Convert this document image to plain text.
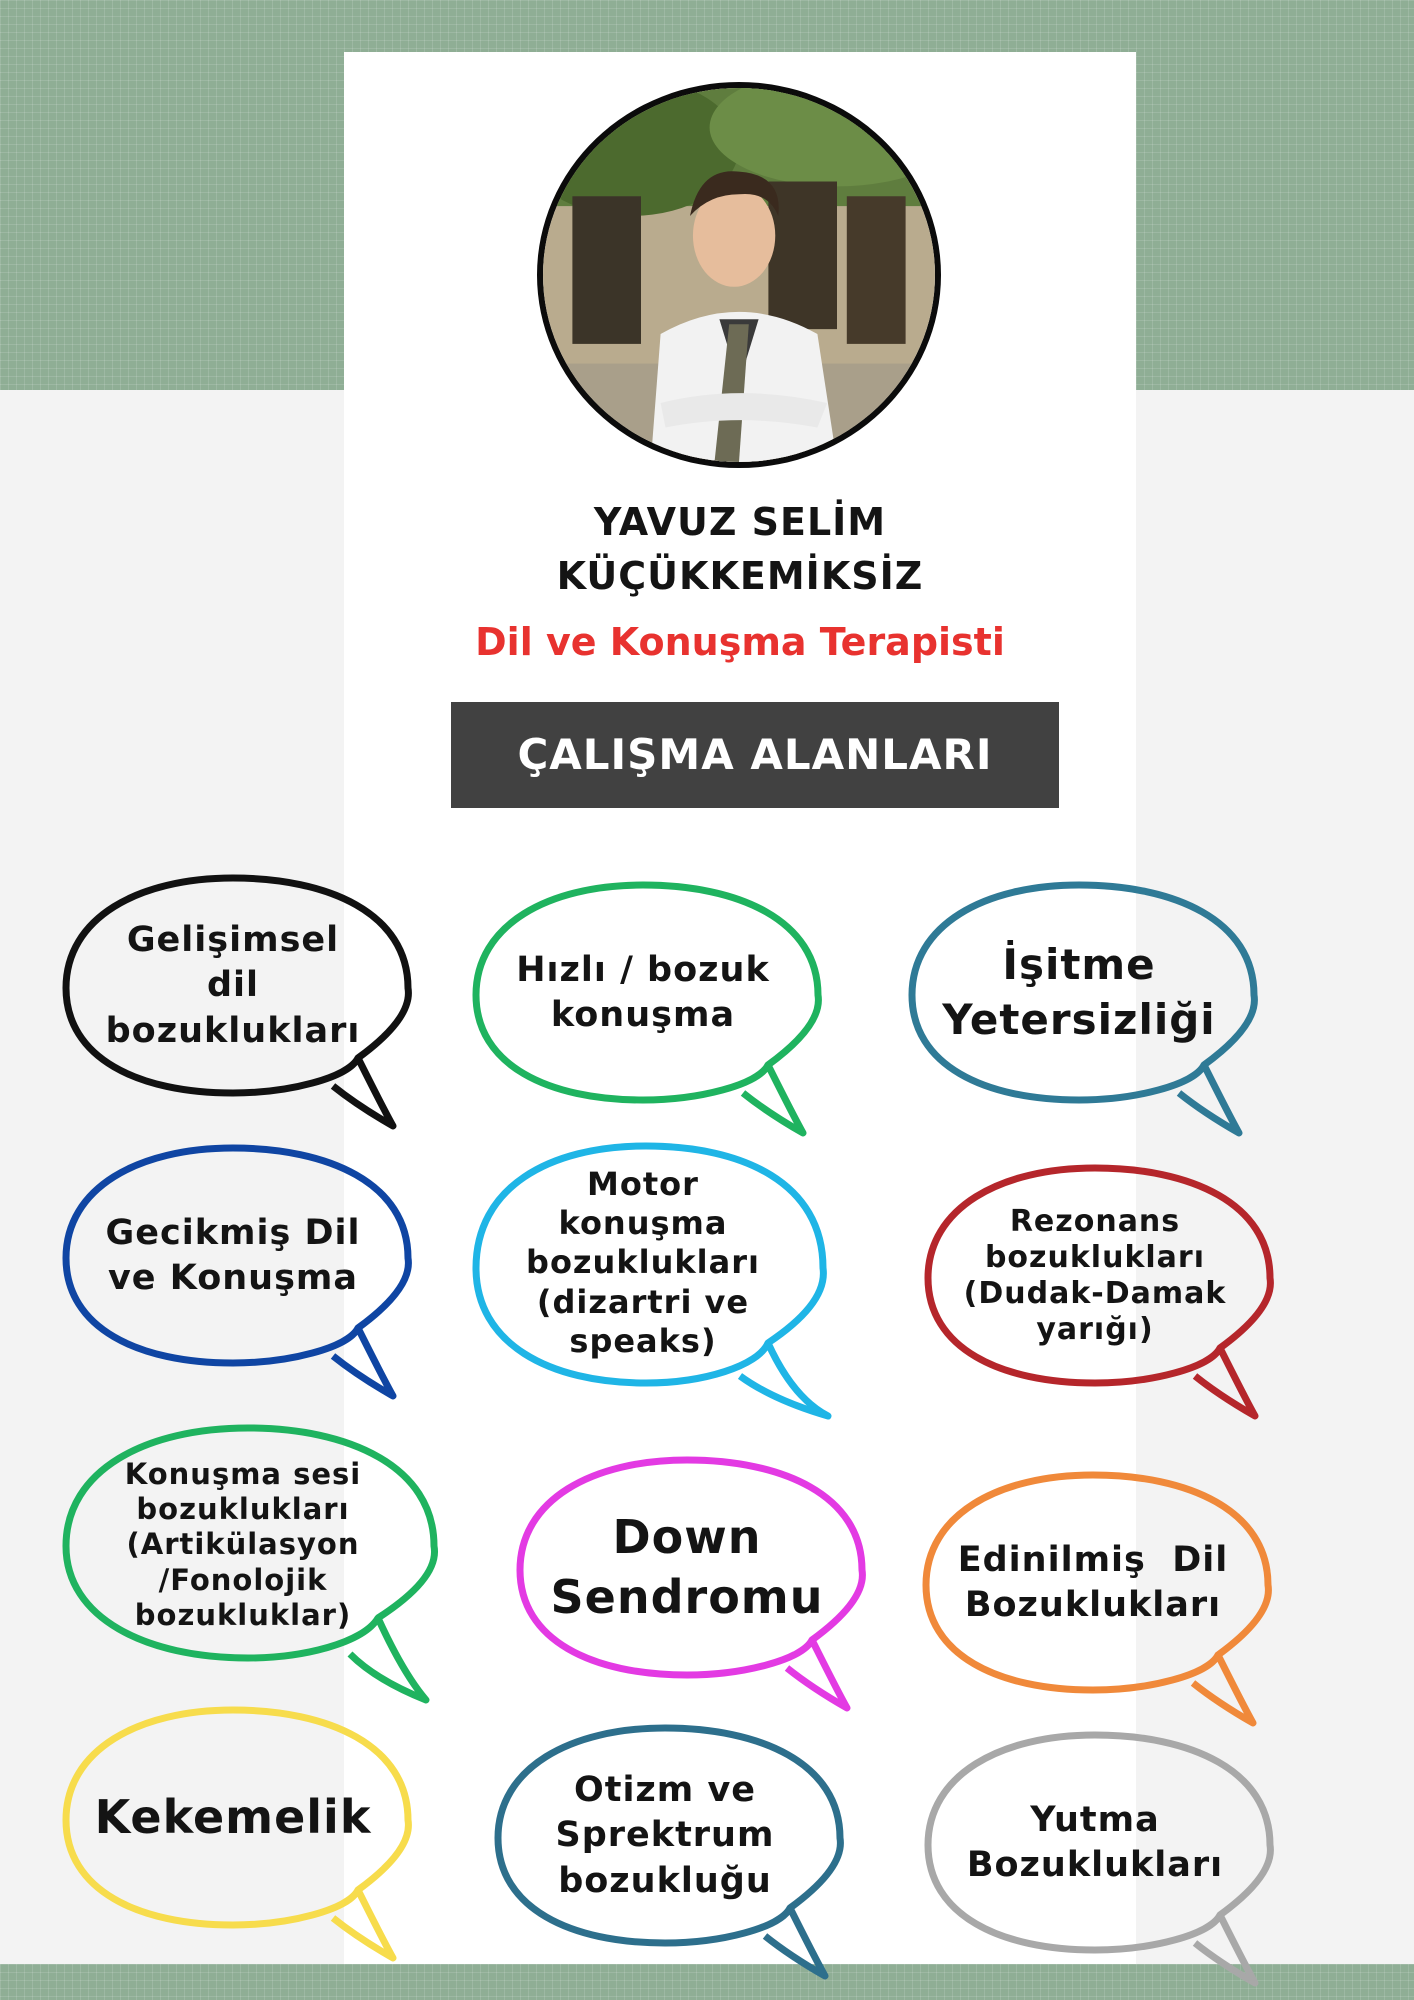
YAVUZ SELİM
KÜÇÜKKEMİKSİZ
Dil ve Konuşma Terapisti
ÇALIŞMA ALANLARI
Gelişimsel
dil
bozuklukları
Hızlı / bozuk
konuşma
İşitme
Yetersizliği
Gecikmiş Dil
ve Konuşma
Motor
konuşma
bozuklukları
(dizartri ve
speaks)
Rezonans
bozuklukları
(Dudak-Damak
yarığı)
Konuşma sesi
bozuklukları
(Artikülasyon
/Fonolojik
bozukluklar)
Down
Sendromu
Edinilmiş  Dil
Bozuklukları
Kekemelik
Otizm ve
Sprektrum
bozukluğu
Yutma
Bozuklukları
